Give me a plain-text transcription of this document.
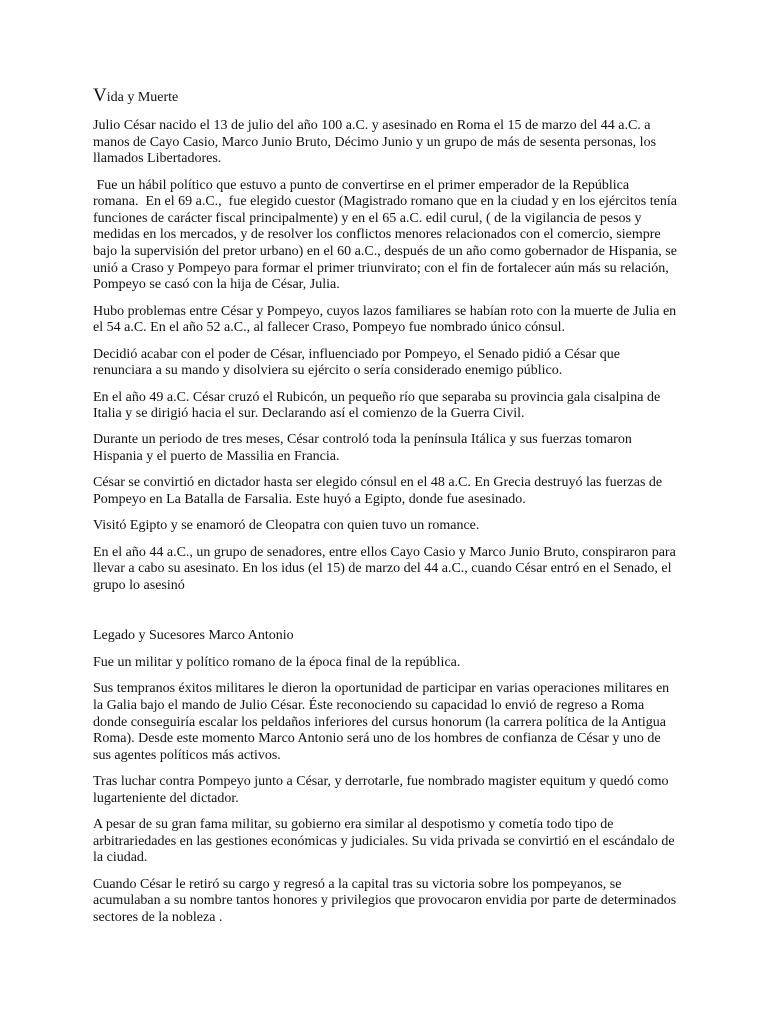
Vida y Muerte

Julio César nacido el 13 de julio del año 100 a.C. y asesinado en Roma el 15 de marzo del 44 a.C. a manos de Cayo Casio, Marco Junio Bruto, Décimo Junio y un grupo de más de sesenta personas, los llamados Libertadores.

Fue un hábil político que estuvo a punto de convertirse en el primer emperador de la República romana.  En el 69 a.C.,  fue elegido cuestor (Magistrado romano que en la ciudad y en los ejércitos tenía funciones de carácter fiscal principalmente) y en el 65 a.C. edil curul, ( de la vigilancia de pesos y medidas en los mercados, y de resolver los conflictos menores relacionados con el comercio, siempre bajo la supervisión del pretor urbano) en el 60 a.C., después de un año como gobernador de Hispania, se unió a Craso y Pompeyo para formar el primer triunvirato; con el fin de fortalecer aún más su relación, Pompeyo se casó con la hija de César, Julia.

Hubo problemas entre César y Pompeyo, cuyos lazos familiares se habían roto con la muerte de Julia en el 54 a.C. En el año 52 a.C., al fallecer Craso, Pompeyo fue nombrado único cónsul.

Decidió acabar con el poder de César, influenciado por Pompeyo, el Senado pidió a César que renunciara a su mando y disolviera su ejército o sería considerado enemigo público.

En el año 49 a.C. César cruzó el Rubicón, un pequeño río que separaba su provincia gala cisalpina de Italia y se dirigió hacia el sur. Declarando así el comienzo de la Guerra Civil.

Durante un periodo de tres meses, César controló toda la península Itálica y sus fuerzas tomaron Hispania y el puerto de Massilia en Francia.

César se convirtió en dictador hasta ser elegido cónsul en el 48 a.C. En Grecia destruyó las fuerzas de Pompeyo en La Batalla de Farsalia. Este huyó a Egipto, donde fue asesinado.

Visitó Egipto y se enamoró de Cleopatra con quien tuvo un romance.

En el año 44 a.C., un grupo de senadores, entre ellos Cayo Casio y Marco Junio Bruto, conspiraron para llevar a cabo su asesinato. En los idus (el 15) de marzo del 44 a.C., cuando César entró en el Senado, el grupo lo asesinó

Legado y Sucesores Marco Antonio

Fue un militar y político romano de la época final de la república.

Sus tempranos éxitos militares le dieron la oportunidad de participar en varias operaciones militares en la Galia bajo el mando de Julio César. Éste reconociendo su capacidad lo envió de regreso a Roma donde conseguiría escalar los peldaños inferiores del cursus honorum (la carrera política de la Antigua Roma). Desde este momento Marco Antonio será uno de los hombres de confianza de César y uno de sus agentes políticos más activos.

Tras luchar contra Pompeyo junto a César, y derrotarle, fue nombrado magister equitum y quedó como lugarteniente del dictador.

A pesar de su gran fama militar, su gobierno era similar al despotismo y cometía todo tipo de arbitrariedades en las gestiones económicas y judiciales. Su vida privada se convirtió en el escándalo de la ciudad.

Cuando César le retiró su cargo y regresó a la capital tras su victoria sobre los pompeyanos, se acumulaban a su nombre tantos honores y privilegios que provocaron envidia por parte de determinados sectores de la nobleza .
